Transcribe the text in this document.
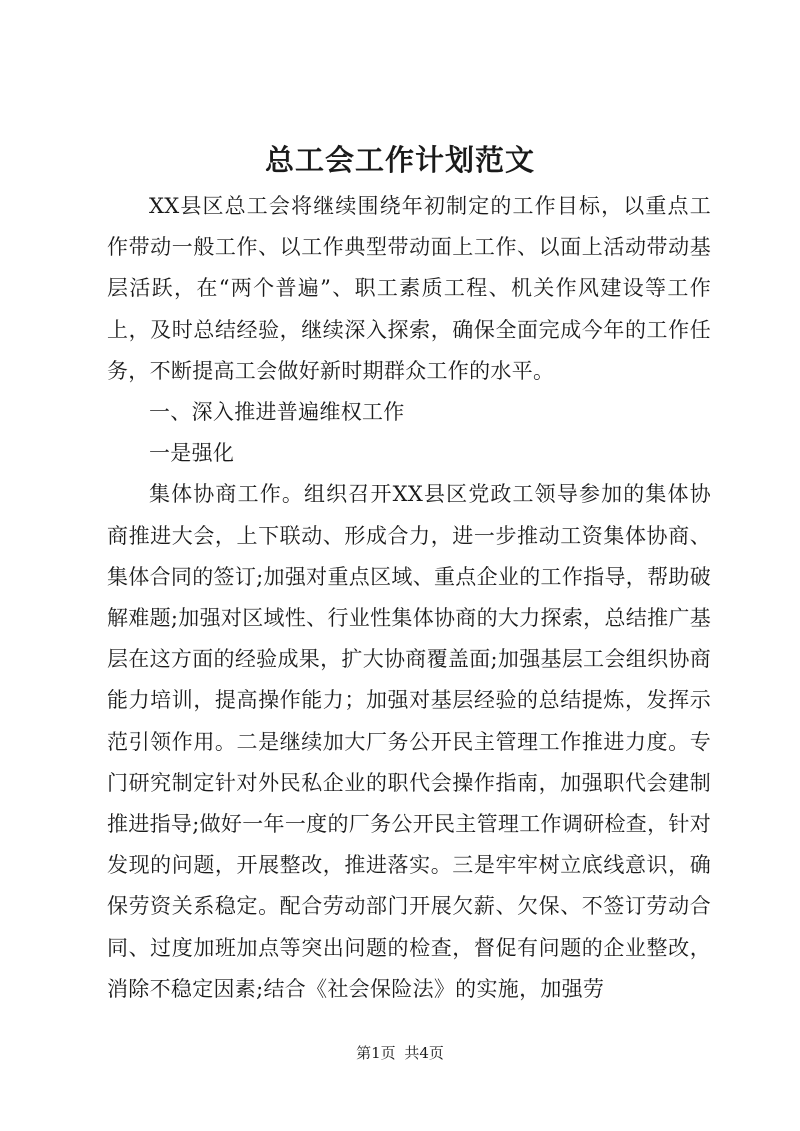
总工会工作计划范文

XX县区总工会将继续围绕年初制定的工作目标，以重点工作带动一般工作、以工作典型带动面上工作、以面上活动带动基层活跃，在“两个普遍”、职工素质工程、机关作风建设等工作上，及时总结经验，继续深入探索，确保全面完成今年的工作任务，不断提高工会做好新时期群众工作的水平。

一、深入推进普遍维权工作

一是强化

集体协商工作。组织召开XX县区党政工领导参加的集体协商推进大会，上下联动、形成合力，进一步推动工资集体协商、集体合同的签订;加强对重点区域、重点企业的工作指导，帮助破解难题;加强对区域性、行业性集体协商的大力探索，总结推广基层在这方面的经验成果，扩大协商覆盖面;加强基层工会组织协商能力培训，提高操作能力；加强对基层经验的总结提炼，发挥示范引领作用。二是继续加大厂务公开民主管理工作推进力度。专门研究制定针对外民私企业的职代会操作指南，加强职代会建制推进指导;做好一年一度的厂务公开民主管理工作调研检查，针对发现的问题，开展整改，推进落实。三是牢牢树立底线意识，确保劳资关系稳定。配合劳动部门开展欠薪、欠保、不签订劳动合同、过度加班加点等突出问题的检查，督促有问题的企业整改，消除不稳定因素;结合《社会保险法》的实施，加强劳

第1页 共4页
